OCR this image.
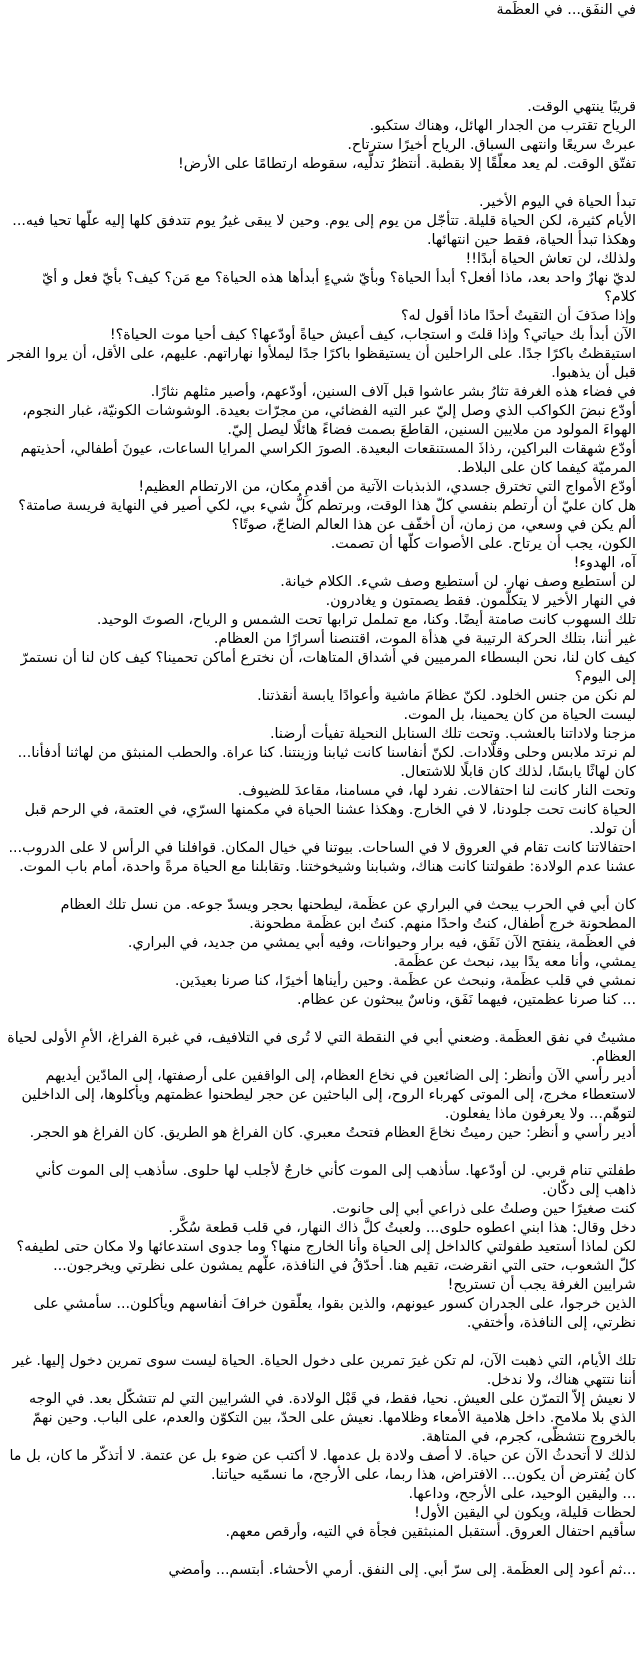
في النفَق... في العظَمة
قريبًا ينتهي الوقت.
الرياح تقترب من الجدار الهائل، وهناك ستكبو.
عبرتْ سريعًا وانتهى السباق. الرياح أخيرًا سترتاح.
تفتّق الوقت. لم يعد معلّقًا إلا بقطبة. أنتظرُ تدلّيه، سقوطه ارتطامًا على الأرض!
تبدأ الحياة في اليوم الأخير.
الأيام كثيرة، لكن الحياة قليلة. تتأجّل من يوم إلى يوم. وحين لا يبقى غيرُ يوم تتدفق كلها إليه علّها تحيا فيه... وهكذا تبدأ الحياة، فقط حين انتهائها.
ولذلك، لن تعاش الحياة أبدًا!!
لديّ نهارٌ واحد بعد، ماذا أفعل؟ أبدأ الحياة؟ وبأيّ شيءٍ أبدأها هذه الحياة؟ مع مَن؟ كيف؟ بأيّ فعل و أيّ كلام؟
وإذا صدَفَ أن التقيتُ أحدًا ماذا أقول له؟
الآن أبدأ بك حياتي؟ وإذا قلتَ و استجاب، كيف أعيش حياةً أودّعها؟ كيف أحيا موت الحياة؟!
استيقظتُ باكرًا جدًا. على الراحلين أن يستيقظوا باكرًا جدًا ليملأوا نهاراتهم. عليهم، على الأقل، أن يروا الفجر قبل أن يذهبوا.
في فضاء هذه الغرفة تثارُ بشر عاشوا قبل آلاف السنين، أودّعهم، وأصير مثلهم نثارًا.
أودّع نبضَ الكواكب الذي وصل إليّ عبر التيه الفضائي، من مجرّات بعيدة. الوشوشات الكونيّة، غبار النجوم، الهواءَ المولود من ملايين السنين، القاطعَ بصمت فضاءً هائلًا ليصل إليّ.
أودّع شهقات البراكين، رذاذَ المستنقعات البعيدة. الصورَ الكراسي المرايا الساعات، عيونَ أطفالي، أحذيتهم المرميّة كيفما كان على البلاط.
أودّع الأمواج التي تخترق جسدي، الذبذبات الآتية من أقدمِ مكان، من الارتطام العظيم!
هل كان عليّ أن أرتطم بنفسي كلّ هذا الوقت، وبرتطم كلُّ شيء بي، لكي أصير في النهاية فريسة صامتة؟ ألم يكن في وسعي، من زمان، أن أخفّف عن هذا العالم الضاجّ، صوتًا؟
الكون، يجب أن يرتاح. على الأصوات كلّها أن تصمت.
آه، الهدوء!
لن أستطيع وصف نهار. لن أستطيع وصف شيء. الكلام خيانة.
في النهار الأخير لا يتكلّمون. فقط يصمتون و يغادرون.
تلك السهوب كانت صامتة أيضًا. وكنا، مع تململ ترابها تحت الشمس و الرياح، الصوتَ الوحيد.
غير أننا، بتلك الحركة الرتيبة في هذأة الموت، اقتنصنا أسرارًا من العظام.
كيف كان لنا، نحن البسطاء المرميين في أشداق المتاهات، أن نخترع أماكن تحمينا؟ كيف كان لنا أن نستمرّ إلى اليوم؟
لم نكن من جنس الخلود. لكنّ عظامَ ماشية وأعوادًا يابسة أنقذتنا.
ليست الحياة من كان يحمينا، بل الموت.
مزجنا ولاداتنا بالعشب. وتحت تلك السنابل النحيلة تفيأت أرضنا.
لم نرتد ملابس وحلى وقلّادات. لكنّ أنفاسنا كانت ثيابنا وزينتنا. كنا عراة. والحطب المنبثق من لهاثنا أدفأنا... كان لهاثًا يابسًا، لذلك كان قابلًا للاشتعال.
وتحت النار كانت لنا احتفالات. نفرد لها، في مسامنا، مقاعدَ للضيوف.
الحياة كانت تحت جلودنا، لا في الخارج. وهكذا عشنا الحياة في مكمنها السرّي، في العتمة، في الرحم قبل أن تولد.
احتفالاتنا كانت تقام في العروق لا في الساحات. بيوتنا في خيال المكان. قوافلنا في الرأس لا على الدروب...
عشنا عدم الولادة: طفولتنا كانت هناك، وشبابنا وشيخوختنا. وتقابلنا مع الحياة مرةً واحدة، أمام باب الموت.
كان أبي في الحرب يبحث في البراري عن عظَمة، ليطحنها بحجر ويسدّ جوعه. من نسل تلك العظام المطحونة خرج أطفال، كنتُ واحدًا منهم. كنتُ ابن عظَمة مطحونة.
في العظَمة، ينفتح الآن نَفَق، فيه برار وحيوانات، وفيه أبي يمشي من جديد، في البراري.
يمشي، وأنا معه يدًا بيد، نبحث عن عظَمة.
نمشي في قلب عظَمة، ونبحث عن عظَمة. وحين رأيناها أخيرًا، كنا صرنا بعيدَين.
... كنا صرنا عظمتين، فيهما نَفَق، وناسٌ يبحثون عن عظام.
مشيتُ في نفق العظَمة. وضعني أبي في النقطة التي لا تُرى في التلافيف، في غبرة الفراغ، الأمِ الأولى لحياة العظام.
أدير رأسي الآن وأنظر: إلى الضائعين في نخاع العظام، إلى الواقفين على أرصفتها، إلى المادّين أيديهم لاستعطاء مخرج، إلى الموتى كهرباء الروح، إلى الباحثين عن حجر ليطحنوا عظمتهم ويأكلوها، إلى الداخلين لتوهّم... ولا يعرفون ماذا يفعلون.
أدير رأسي و أنظر: حين رميتُ نخاعَ العظام فتحتُ معبري. كان الفراغ هو الطريق. كان الفراغ هو الحجر.
طفلتي تنام قربي. لن أودّعها. سأذهب إلى الموت كأني خارجٌ لأجلب لها حلوى. سأذهب إلى الموت كأني ذاهب إلى دكّان.
كنت صغيرًا حين وصلتُ على ذراعي أبي إلى حانوت.
دخل وقال: هذا ابني اعطوه حلوى... ولعبتُ كلَّ ذاك النهار، في قلب قطعة سُكَّر.
لكن لماذا أستعيد طفولتي كالداخل إلى الحياة وأنا الخارج منها؟ وما جدوى استدعائها ولا مكان حتى لطيفه؟ كلّ الشعوب، حتى التي انقرضت، تقيم هنا. أحدّقُ في النافذة، علّهم يمشون على نظرتي ويخرجون... شرايين الغرفة يجب أن تستريح!
الذين خرجوا، على الجدران كسور عيونهم، والذين بقوا، يعلّقون خرافَ أنفاسهم ويأكلون... سأمشي على نظرتي، إلى النافذة، وأختفي.
تلك الأيام، التي ذهبت الآن، لم تكن غيرَ تمرين على دخول الحياة. الحياة ليست سوى تمرين دخول إليها. غير أننا نتتهي هناك، ولا ندخل.
لا نعيش إلاّ التمرّن على العيش. نحيا، فقط، في قَبْل الولادة. في الشرايين التي لم تتشكّل بعد. في الوجه الذي بلا ملامح. داخل هلامية الأمعاء وظلامها. نعيش على الحدّ، بين التكوّن والعدم، على الباب. وحين نهمّ بالخروج نتشظّى، كجرم، في المتاهة.
لذلك لا أتحدثُ الآن عن حياة. لا أصف ولادة بل عدمها. لا أكتب عن ضوء بل عن عتمة. لا أتذكّر ما كان، بل ما كان يُفترض أن يكون... الافتراض، هذا ربما، على الأرجح، ما نسمّيه حياتنا.
... واليقين الوحيد، على الأرجح، وداعها.
لحظات قليلة، ويكون لي اليقين الأول!
سأقيم احتفال العروق. أستقبل المنبثقين فجأة في التيه، وأرقص معهم.
...ثم أعود إلى العظَمة. إلى سرّ أبي. إلى النفق. أرمي الأحشاء. أبتسم... وأمضي
